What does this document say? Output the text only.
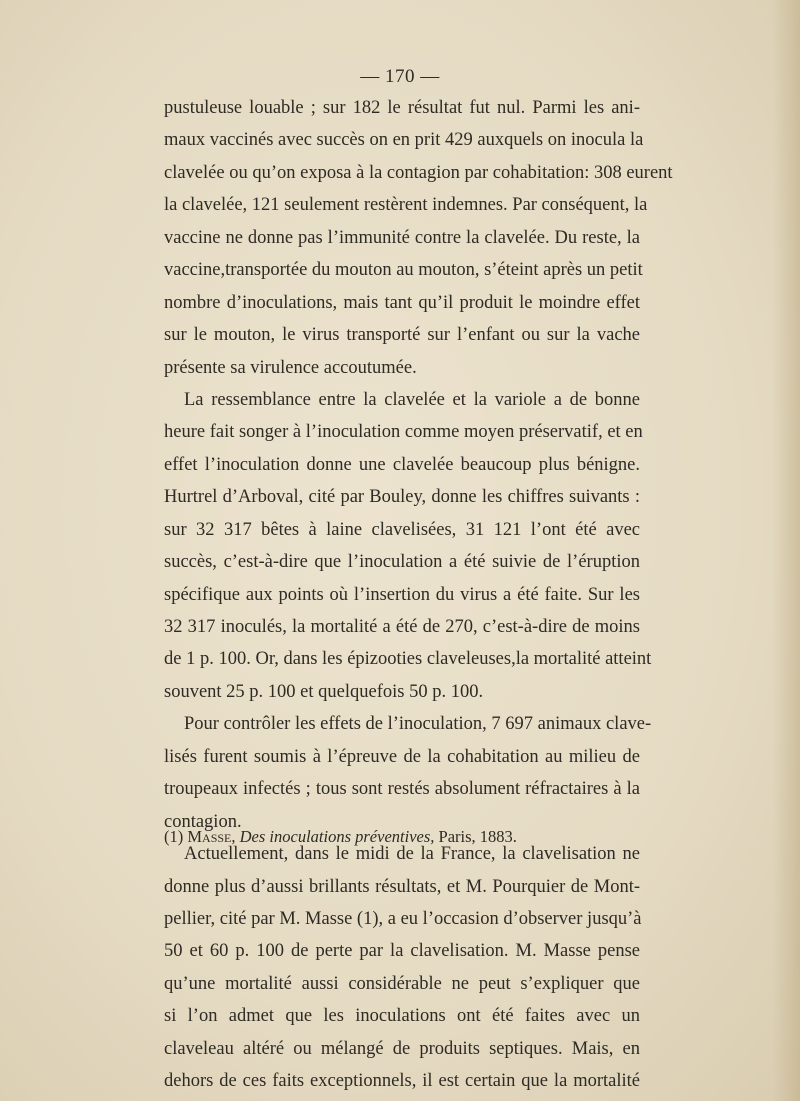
— 170 —
pustuleuse louable ; sur 182 le résultat fut nul. Parmi les ani-
maux vaccinés avec succès on en prit 429 auxquels on inocula la
clavelée ou qu’on exposa à la contagion par cohabitation: 308 eurent
la clavelée, 121 seulement restèrent indemnes. Par conséquent, la
vaccine ne donne pas l’immunité contre la clavelée. Du reste, la
vaccine,transportée du mouton au mouton, s’éteint après un petit
nombre d’inoculations, mais tant qu’il produit le moindre effet
sur le mouton, le virus transporté sur l’enfant ou sur la vache
présente sa virulence accoutumée.
La ressemblance entre la clavelée et la variole a de bonne
heure fait songer à l’inoculation comme moyen préservatif, et en
effet l’inoculation donne une clavelée beaucoup plus bénigne.
Hurtrel d’Arboval, cité par Bouley, donne les chiffres suivants :
sur 32 317 bêtes à laine clavelisées, 31 121 l’ont été avec
succès, c’est-à-dire que l’inoculation a été suivie de l’éruption
spécifique aux points où l’insertion du virus a été faite. Sur les
32 317 inoculés, la mortalité a été de 270, c’est-à-dire de moins
de 1 p. 100. Or, dans les épizooties claveleuses,la mortalité atteint
souvent 25 p. 100 et quelquefois 50 p. 100.
Pour contrôler les effets de l’inoculation, 7 697 animaux clave-
lisés furent soumis à l’épreuve de la cohabitation au milieu de
troupeaux infectés ; tous sont restés absolument réfractaires à la
contagion.
Actuellement, dans le midi de la France, la clavelisation ne
donne plus d’aussi brillants résultats, et M. Pourquier de Mont-
pellier, cité par M. Masse (1), a eu l’occasion d’observer jusqu’à
50 et 60 p. 100 de perte par la clavelisation. M. Masse pense
qu’une mortalité aussi considérable ne peut s’expliquer que
si l’on admet que les inoculations ont été faites avec un
claveleau altéré ou mélangé de produits septiques. Mais, en
dehors de ces faits exceptionnels, il est certain que la mortalité
(1) Masse, Des inoculations préventives, Paris, 1883.
